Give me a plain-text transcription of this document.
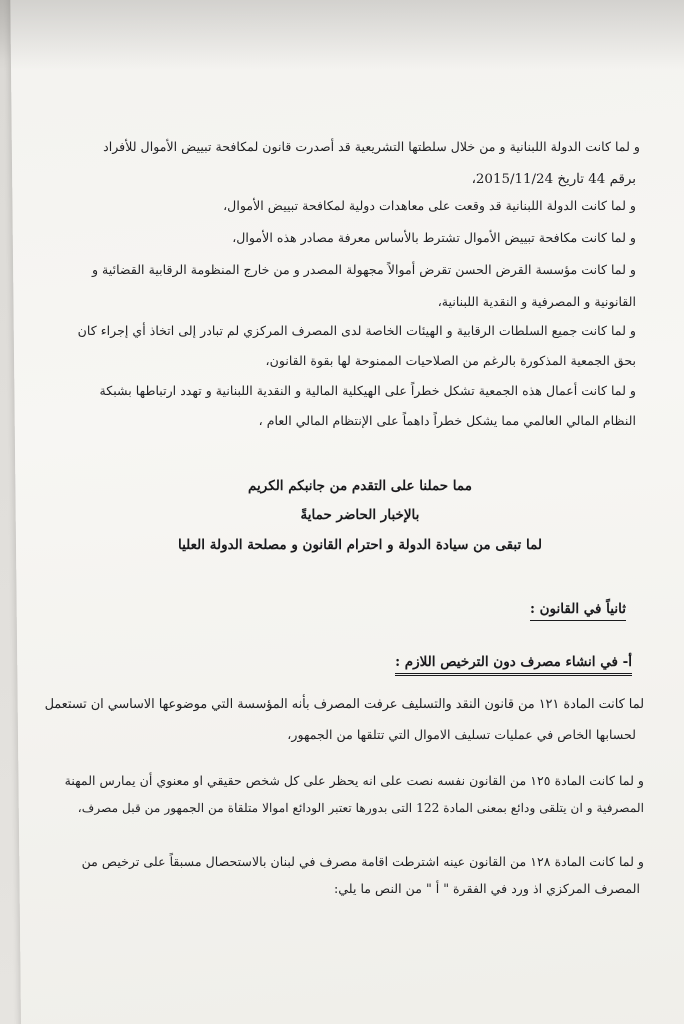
و لما كانت الدولة اللبنانية و من خلال سلطتها التشريعية قد أصدرت قانون لمكافحة تبييض الأموال للأفراد
برقم 44 تاريخ 2015/11/24،
و لما كانت الدولة اللبنانية قد وقعت على معاهدات دولية لمكافحة تبييض الأموال،
و لما كانت مكافحة تبييض الأموال تشترط بالأساس معرفة مصادر هذه الأموال،
و لما كانت مؤسسة القرض الحسن تقرض أموالاً مجهولة المصدر و من خارج المنظومة الرقابية القضائية و
القانونية و المصرفية و النقدية اللبنانية،
و لما كانت جميع السلطات الرقابية و الهيئات الخاصة لدى المصرف المركزي لم تبادر إلى اتخاذ أي إجراء كان
بحق الجمعية المذكورة بالرغم من الصلاحيات الممنوحة لها بقوة القانون،
و لما كانت أعمال هذه الجمعية تشكل خطراً على الهيكلية المالية و النقدية اللبنانية و تهدد ارتباطها بشبكة
النظام المالي العالمي مما يشكل خطراً داهماً على الإنتظام المالي العام ،
مما حملنا على التقدم من جانبكم الكريم
بالإخبار الحاضر حمايةً
لما تبقى من سيادة الدولة و احترام القانون و مصلحة الدولة العليا
ثانياً في القانون :
أ- في انشاء مصرف دون الترخيص اللازم :
لما كانت المادة ١٢١ من قانون النقد والتسليف عرفت المصرف بأنه المؤسسة التي موضوعها الاساسي ان تستعمل
لحسابها الخاص في عمليات تسليف الاموال التي تتلقها من الجمهور،
و لما كانت المادة ١٢٥ من القانون نفسه نصت على انه يحظر على كل شخص حقيقي او معنوي أن يمارس المهنة
المصرفية و ان يتلقى ودائع بمعنى المادة 122 التى بدورها تعتبر الودائع اموالا متلقاة من الجمهور من قبل مصرف،
و لما كانت المادة ١٢٨ من القانون عينه اشترطت اقامة مصرف في لبنان بالاستحصال مسبقاً على ترخيص من
المصرف المركزي اذ ورد في الفقرة " أ " من النص ما يلي:
